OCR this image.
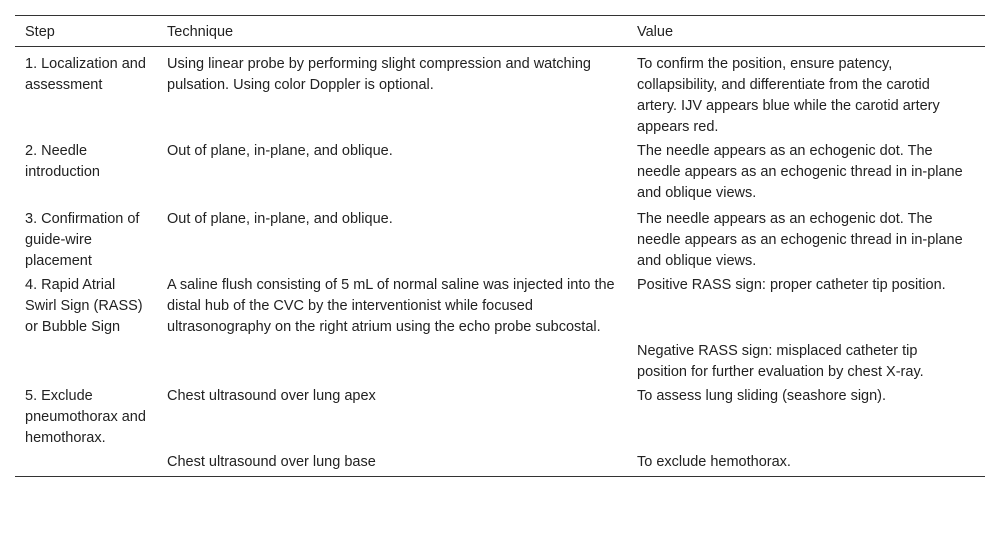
Step	Technique	Value
1. Localization and assessment	Using linear probe by performing slight compression and watching pulsation. Using color Doppler is optional.	To confirm the position, ensure patency, collapsibility, and differentiate from the carotid artery. IJV appears blue while the carotid artery appears red.
2. Needle introduction	Out of plane, in-plane, and oblique.	The needle appears as an echogenic dot. The needle appears as an echogenic thread in in-plane and oblique views.
3. Confirmation of guide-wire placement	Out of plane, in-plane, and oblique.	The needle appears as an echogenic dot. The needle appears as an echogenic thread in in-plane and oblique views.
4. Rapid Atrial Swirl Sign (RASS) or Bubble Sign	A saline flush consisting of 5 mL of normal saline was injected into the distal hub of the CVC by the interventionist while focused ultrasonography on the right atrium using the echo probe subcostal.	Positive RASS sign: proper catheter tip position.
		Negative RASS sign: misplaced catheter tip position for further evaluation by chest X-ray.
5. Exclude pneumothorax and hemothorax.	Chest ultrasound over lung apex	To assess lung sliding (seashore sign).
	Chest ultrasound over lung base	To exclude hemothorax.
